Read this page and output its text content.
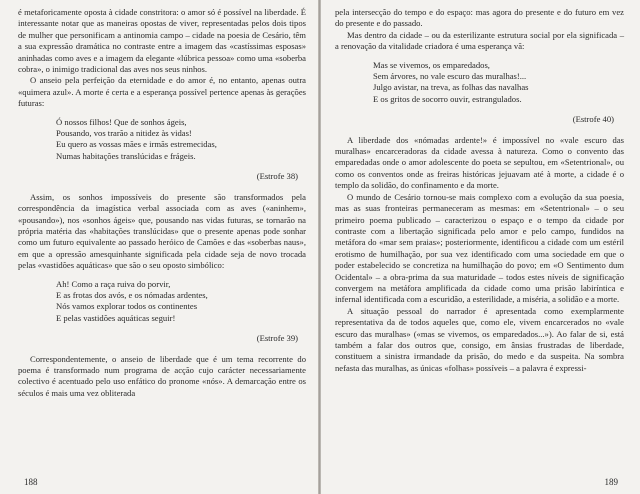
é metaforicamente oposta à cidade constritora: o amor só é possível na liberdade. É interessante notar que as maneiras opostas de viver, representadas pelos dois tipos de mulher que personificam a antinomia campo – cidade na poesia de Cesário, têm a sua expressão dramática no contraste entre a imagem das «castíssimas esposas» aninhadas como aves e a imagem da elegante «lúbrica pessoa» como uma «soberba cobra», o inimigo tradicional das aves nos seus ninhos.

O anseio pela perfeição da eternidade e do amor é, no entanto, apenas outra «quimera azul». A morte é certa e a esperança possível pertence apenas às gerações futuras:

Ó nossos filhos! Que de sonhos ágeis,
Pousando, vos trarão a nitidez às vidas!
Eu quero as vossas mães e irmãs estremecidas,
Numas habitações translúcidas e frágeis.
(Estrofe 38)

Assim, os sonhos impossíveis do presente são transformados pela correspondência da imagística verbal associada com as aves («aninhem», «pousando»), nos «sonhos ágeis» que, pousando nas vidas futuras, se tornarão na própria matéria das «habitações translúcidas» que o presente apenas pode sonhar como um futuro equivalente ao passado heróico de Camões e das «soberbas naus», em que a opressão amesquinhante significada pela cidade seja de novo trocada pelas «vastidões aquáticas» que são o seu oposto simbólico:

Ah! Como a raça ruiva do porvir,
E as frotas dos avós, e os nómadas ardentes,
Nós vamos explorar todos os continentes
E pelas vastidões aquáticas seguir!
(Estrofe 39)

Correspondentemente, o anseio de liberdade que é um tema recorrente do poema é transformado num programa de acção cujo carácter necessariamente colectivo é acentuado pelo uso enfático do pronome «nós». A demarcação entre os séculos é mais uma vez obliterada

188

pela intersecção do tempo e do espaço: mas agora do presente e do futuro em vez do presente e do passado.

Mas dentro da cidade – ou da esterilizante estrutura social por ela significada – a renovação da vitalidade criadora é uma esperança vã:

Mas se vivemos, os emparedados,
Sem árvores, no vale escuro das muralhas!...
Julgo avistar, na treva, as folhas das navalhas
E os gritos de socorro ouvir, estrangulados.
(Estrofe 40)

A liberdade dos «nómadas ardente!» é impossível no «vale escuro das muralhas» encarceradoras da cidade avessa à natureza. Como o convento das emparedadas onde o amor adolescente do poeta se sepultou, em «Setentrional», ou como os conventos onde as freiras históricas jejuavam até à morte, a cidade é o templo da solidão, do confinamento e da morte.

O mundo de Cesário tornou-se mais complexo com a evolução da sua poesia, mas as suas fronteiras permaneceram as mesmas: em «Setentrional» – o seu primeiro poema publicado – caracterizou o espaço e o tempo da cidade por contraste com a libertação significada pelo amor e pelo campo, fundidos na metáfora do «mar sem praias»; posteriormente, identificou a cidade com um estéril erotismo de humilhação, por sua vez identificado com uma sociedade em que o poder estabelecido se concretiza na humilhação do povo; em «O Sentimento dum Ocidental» – a obra-prima da sua maturidade – todos estes níveis de significação convergem na metáfora amplificada da cidade como uma prisão labiríntica e infernal identificada com a escuridão, a esterilidade, a miséria, a solidão e a morte.

A situação pessoal do narrador é apresentada como exemplarmente representativa da de todos aqueles que, como ele, vivem encarcerados no «vale escuro das muralhas» («mas se vivemos, os emparedados...»). Ao falar de si, está também a falar dos outros que, consigo, em ânsias frustradas de liberdade, constituem a sinistra irmandade da prisão, do medo e da suspeita. Na sombra nefasta das muralhas, as únicas «folhas» possíveis – a palavra é expressi-

189
